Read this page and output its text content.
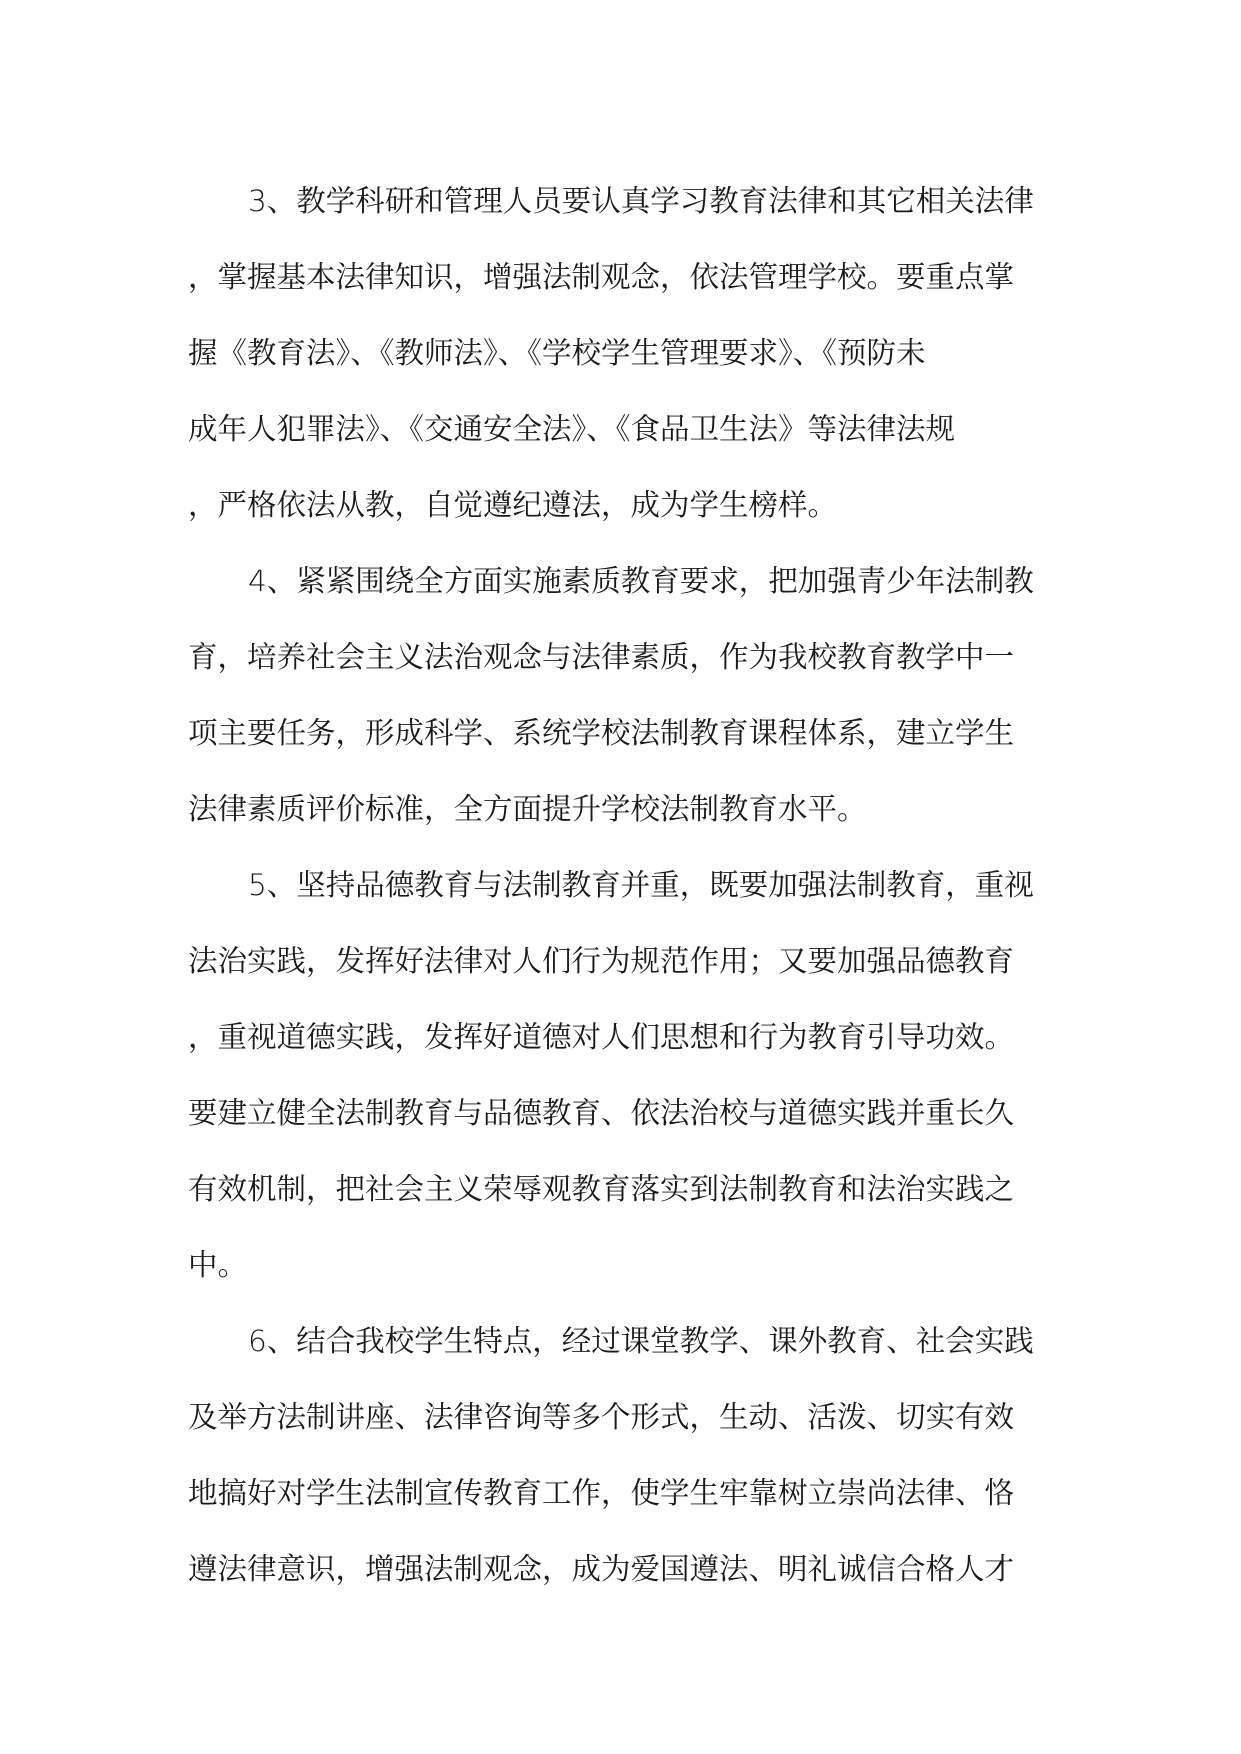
3、教学科研和管理人员要认真学习教育法律和其它相关法律
，掌握基本法律知识，增强法制观念，依法管理学校。要重点掌
握《教育法》、《教师法》、《学校学生管理要求》、《预防未
成年人犯罪法》、《交通安全法》、《食品卫生法》等法律法规
，严格依法从教，自觉遵纪遵法，成为学生榜样。
4、紧紧围绕全方面实施素质教育要求，把加强青少年法制教
育，培养社会主义法治观念与法律素质，作为我校教育教学中一
项主要任务，形成科学、系统学校法制教育课程体系，建立学生
法律素质评价标准，全方面提升学校法制教育水平。
5、坚持品德教育与法制教育并重，既要加强法制教育，重视
法治实践，发挥好法律对人们行为规范作用；又要加强品德教育
，重视道德实践，发挥好道德对人们思想和行为教育引导功效。
要建立健全法制教育与品德教育、依法治校与道德实践并重长久
有效机制，把社会主义荣辱观教育落实到法制教育和法治实践之
中。
6、结合我校学生特点，经过课堂教学、课外教育、社会实践
及举方法制讲座、法律咨询等多个形式，生动、活泼、切实有效
地搞好对学生法制宣传教育工作，使学生牢靠树立崇尚法律、恪
遵法律意识，增强法制观念，成为爱国遵法、明礼诚信合格人才
